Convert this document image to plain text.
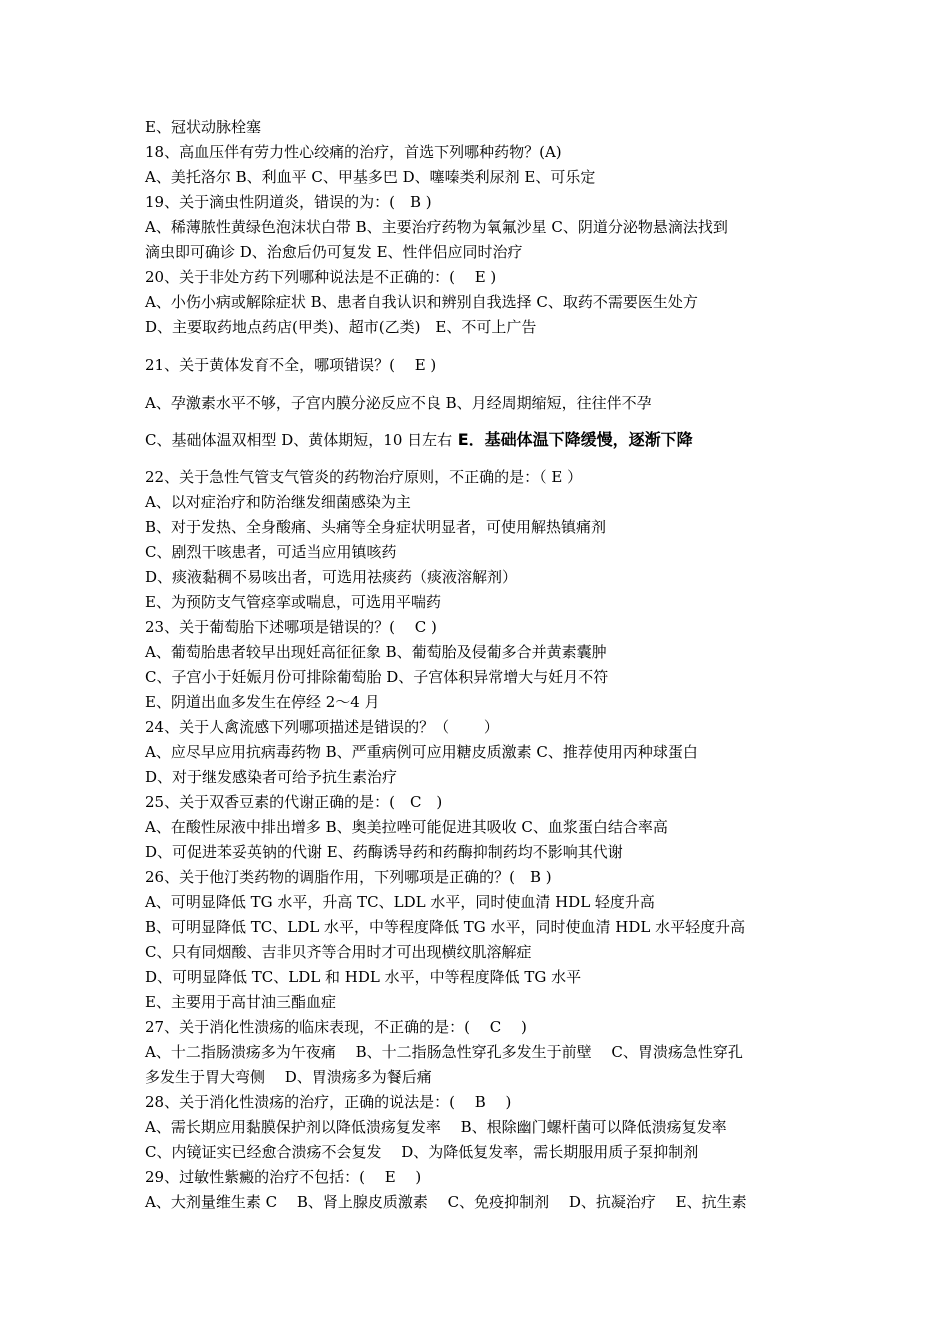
E、冠状动脉栓塞
18、高血压伴有劳力性心绞痛的治疗，首选下列哪种药物？(A)
A、美托洛尔 B、利血平 C、甲基多巴 D、噻嗪类利尿剂 E、可乐定
19、关于滴虫性阴道炎，错误的为：(　B )
A、稀薄脓性黄绿色泡沫状白带 B、主要治疗药物为氧氟沙星 C、阴道分泌物悬滴法找到
滴虫即可确诊 D、治愈后仍可复发 E、性伴侣应同时治疗
20、关于非处方药下列哪种说法是不正确的：(　 E )
A、小伤小病或解除症状 B、患者自我认识和辨别自我选择 C、取药不需要医生处方
D、主要取药地点药店(甲类)、超市(乙类)　E、不可上广告
21、关于黄体发育不全，哪项错误？(　 E )
A、孕激素水平不够，子宫内膜分泌反应不良 B、月经周期缩短，往往伴不孕
C、基础体温双相型 D、黄体期短，10 日左右 E．基础体温下降缓慢，逐渐下降
22、关于急性气管支气管炎的药物治疗原则，不正确的是：（ E ）
A、以对症治疗和防治继发细菌感染为主
B、对于发热、全身酸痛、头痛等全身症状明显者，可使用解热镇痛剂
C、剧烈干咳患者，可适当应用镇咳药
D、痰液黏稠不易咳出者，可选用祛痰药（痰液溶解剂）
E、为预防支气管痉挛或喘息，可选用平喘药
23、关于葡萄胎下述哪项是错误的？(　 C )
A、葡萄胎患者较早出现妊高征征象 B、葡萄胎及侵葡多合并黄素囊肿
C、子宫小于妊娠月份可排除葡萄胎 D、子宫体积异常增大与妊月不符
E、阴道出血多发生在停经 2～4 月
24、关于人禽流感下列哪项描述是错误的？（　　 ）
A、应尽早应用抗病毒药物 B、严重病例可应用糖皮质激素 C、推荐使用丙种球蛋白
D、对于继发感染者可给予抗生素治疗
25、关于双香豆素的代谢正确的是：(　C　)
A、在酸性尿液中排出增多 B、奥美拉唑可能促进其吸收 C、血浆蛋白结合率高
D、可促进苯妥英钠的代谢 E、药酶诱导药和药酶抑制药均不影响其代谢
26、关于他汀类药物的调脂作用，下列哪项是正确的？(　B )
A、可明显降低 TG 水平，升高 TC、LDL 水平，同时使血清 HDL 轻度升高
B、可明显降低 TC、LDL 水平，中等程度降低 TG 水平，同时使血清 HDL 水平轻度升高
C、只有同烟酸、吉非贝齐等合用时才可出现横纹肌溶解症
D、可明显降低 TC、LDL 和 HDL 水平，中等程度降低 TG 水平
E、主要用于高甘油三酯血症
27、关于消化性溃疡的临床表现，不正确的是：(　 C　 )
A、十二指肠溃疡多为午夜痛　 B、十二指肠急性穿孔多发生于前壁　 C、胃溃疡急性穿孔
多发生于胃大弯侧　 D、胃溃疡多为餐后痛
28、关于消化性溃疡的治疗，正确的说法是：(　 B　 )
A、需长期应用黏膜保护剂以降低溃疡复发率　 B、根除幽门螺杆菌可以降低溃疡复发率
C、内镜证实已经愈合溃疡不会复发　 D、为降低复发率，需长期服用质子泵抑制剂
29、过敏性紫癜的治疗不包括：(　 E　 )
A、大剂量维生素 C　 B、肾上腺皮质激素　 C、免疫抑制剂　 D、抗凝治疗　 E、抗生素
